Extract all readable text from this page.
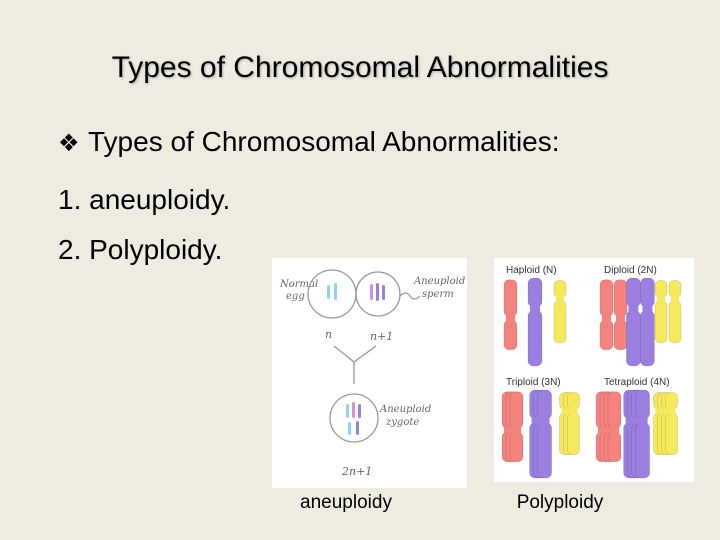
Types of Chromosomal Abnormalities
❖ Types of Chromosomal Abnormalities:
1. aneuploidy.
2. Polyploidy.
Normal
egg
Aneuploid
sperm
n	n+1
Aneuploid
zygote
2n+1
Haploid (N)	Diploid (2N)
Triploid (3N)	Tetraploid (4N)
aneuploidy	Polyploidy
